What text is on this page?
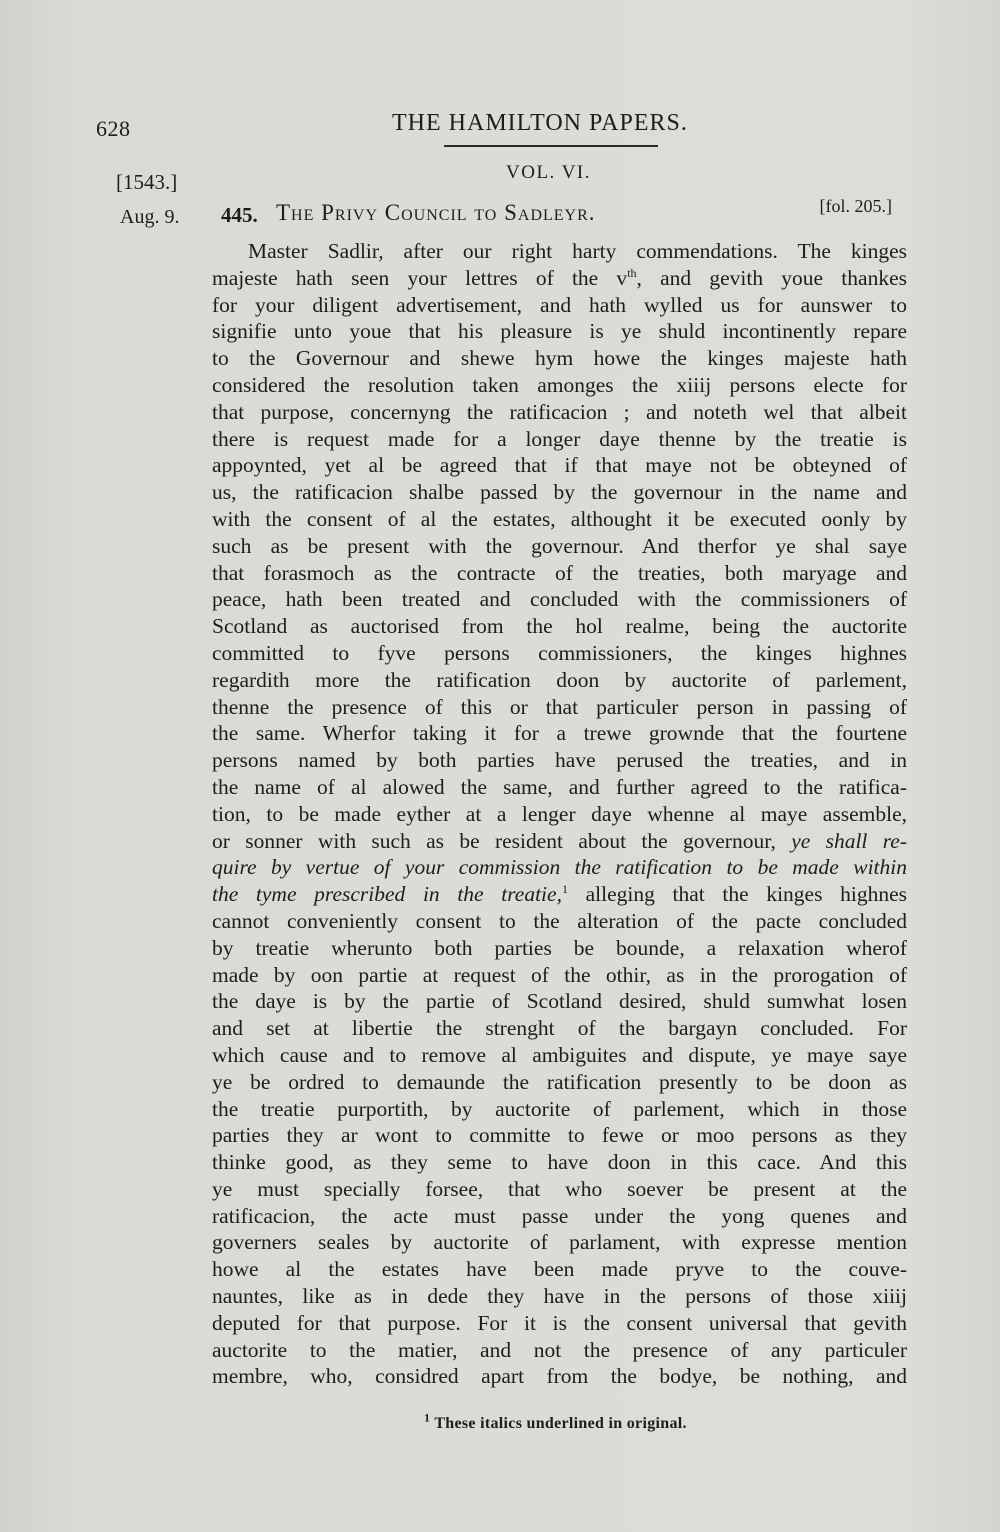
628	THE HAMILTON PAPERS.
[1543.]	VOL. VI.
Aug. 9. 445. The Privy Council to Sadleyr.	[fol. 205.]
Master Sadlir, after our right harty commendations. The kinges
majeste hath seen your lettres of the $v^{th}$, and gevith youe thankes
for your diligent advertisement, and hath wylled us for aunswer to
signifie unto youe that his pleasure is ye shuld incontinently repare
to the Governour and shewe hym howe the kinges majeste hath
considered the resolution taken amonges the xiiij persons electe for
that purpose, concernyng the ratificacion ; and noteth wel that albeit
there is request made for a longer daye thenne by the treatie is
appoynted, yet al be agreed that if that maye not be obteyned of
us, the ratificacion shalbe passed by the governour in the name and
with the consent of al the estates, althought it be executed oonly by
such as be present with the governour. And therfor ye shal saye
that forasmoch as the contracte of the treaties, both maryage and
peace, hath been treated and concluded with the commissioners of
Scotland as auctorised from the hol realme, being the auctorite
committed to fyve persons commissioners, the kinges highnes
regardith more the ratification doon by auctorite of parlement,
thenne the presence of this or that particuler person in passing of
the same. Wherfor taking it for a trewe grownde that the fourtene
persons named by both parties have perused the treaties, and in
the name of al alowed the same, and further agreed to the ratifica-
tion, to be made eyther at a lenger daye whenne al maye assemble,
or sonner with such as be resident about the governour, ye shall re-
quire by vertue of your commission the ratification to be made within
the tyme prescribed in the treatie,$^1$ alleging that the kinges highnes
cannot conveniently consent to the alteration of the pacte concluded
by treatie wherunto both parties be bounde, a relaxation wherof
made by oon partie at request of the othir, as in the prorogation of
the daye is by the partie of Scotland desired, shuld sumwhat losen
and set at libertie the strenght of the bargayn concluded. For
which cause and to remove al ambiguites and dispute, ye maye saye
ye be ordred to demaunde the ratification presently to be doon as
the treatie purportith, by auctorite of parlement, which in those
parties they ar wont to committe to fewe or moo persons as they
thinke good, as they seme to have doon in this cace. And this
ye must specially forsee, that who soever be present at the
ratificacion, the acte must passe under the yong quenes and
governers seales by auctorite of parlament, with expresse mention
howe al the estates have been made pryve to the couve-
nauntes, like as in dede they have in the persons of those xiiij
deputed for that purpose. For it is the consent universal that gevith
auctorite to the matier, and not the presence of any particuler
membre, who, considred apart from the bodye, be nothing, and
$^1$ These italics underlined in original.
